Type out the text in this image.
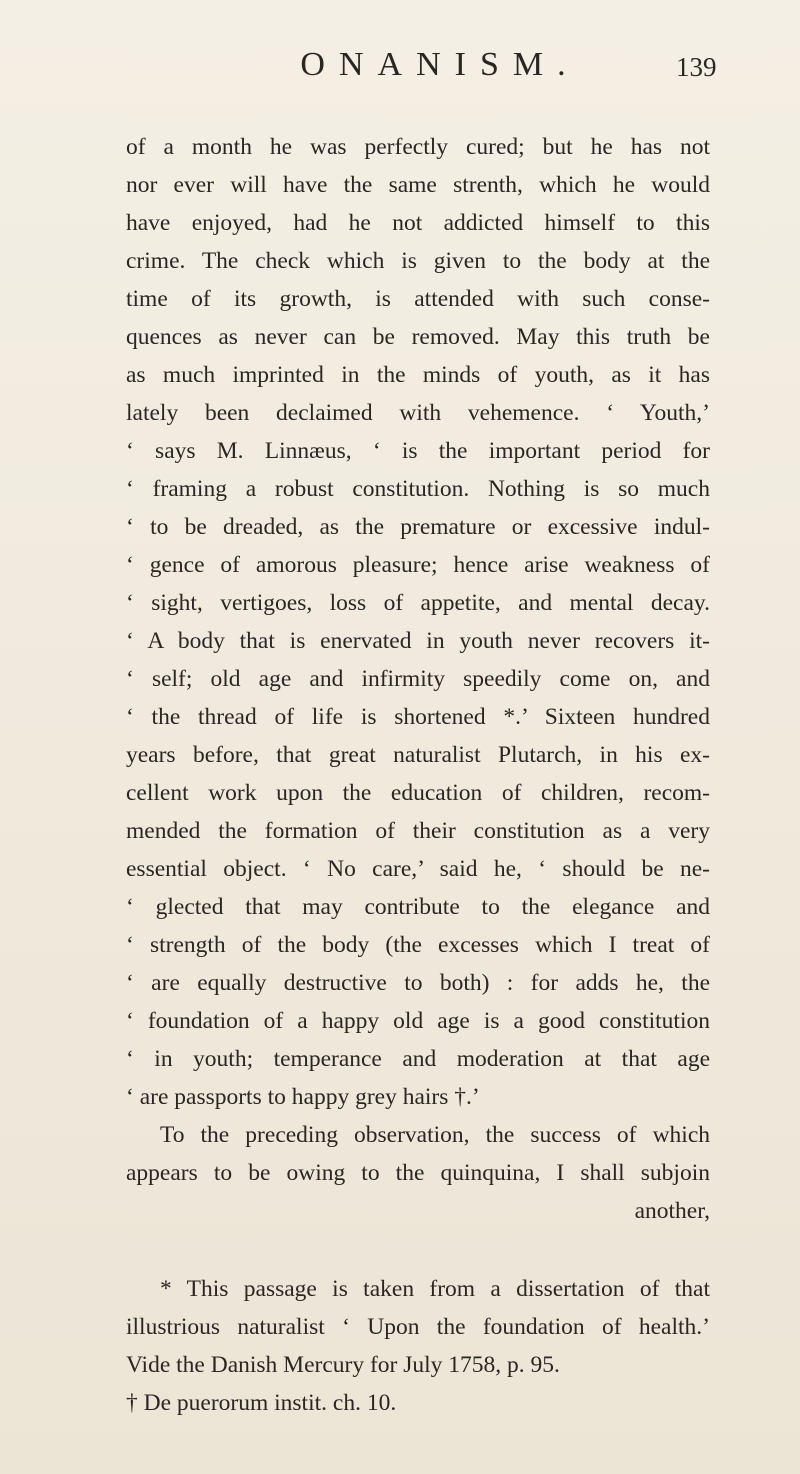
ONANISM.	139
of a month he was perfectly cured; but he has not
nor ever will have the same strenth, which he would
have enjoyed, had he not addicted himself to this
crime. The check which is given to the body at the
time of its growth, is attended with such conse-
quences as never can be removed. May this truth be
as much imprinted in the minds of youth, as it has
lately been declaimed with vehemence. ‘ Youth,’
‘ says M. Linnæus, ‘ is the important period for
‘ framing a robust constitution. Nothing is so much
‘ to be dreaded, as the premature or excessive indul-
‘ gence of amorous pleasure; hence arise weakness of
‘ sight, vertigoes, loss of appetite, and mental decay.
‘ A body that is enervated in youth never recovers it-
‘ self; old age and infirmity speedily come on, and
‘ the thread of life is shortened *.’ Sixteen hundred
years before, that great naturalist Plutarch, in his ex-
cellent work upon the education of children, recom-
mended the formation of their constitution as a very
essential object. ‘ No care,’ said he, ‘ should be ne-
‘ glected that may contribute to the elegance and
‘ strength of the body (the excesses which I treat of
‘ are equally destructive to both) : for adds he, the
‘ foundation of a happy old age is a good constitution
‘ in youth; temperance and moderation at that age
‘ are passports to happy grey hairs †.’
To the preceding observation, the success of which
appears to be owing to the quinquina, I shall subjoin
another,
* This passage is taken from a dissertation of that
illustrious naturalist ‘ Upon the foundation of health.’
Vide the Danish Mercury for July 1758, p. 95.
† De puerorum instit. ch. 10.
